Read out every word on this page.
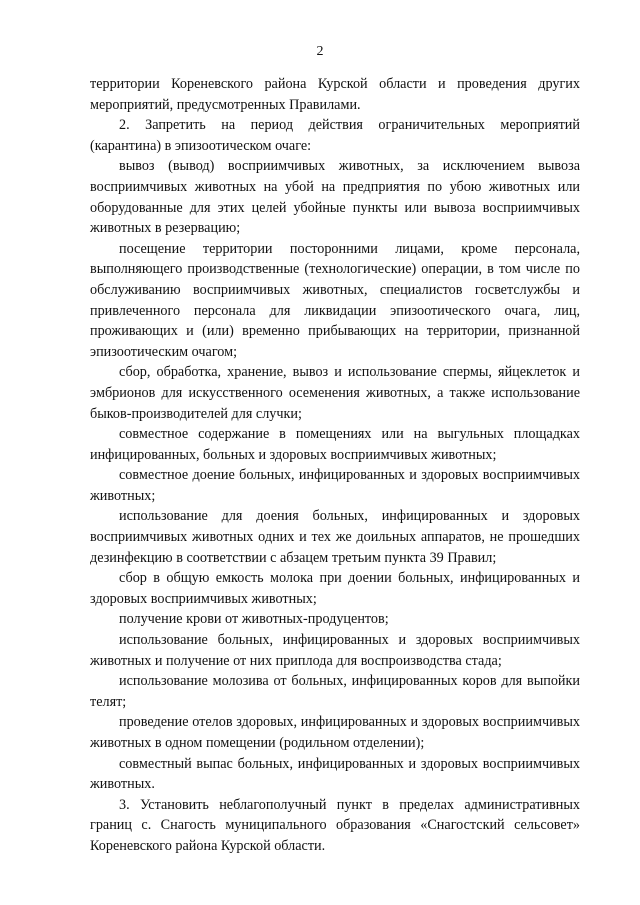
2

территории Кореневского района Курской области и проведения других мероприятий, предусмотренных Правилами.

2. Запретить на период действия ограничительных мероприятий (карантина) в эпизоотическом очаге:

вывоз (вывод) восприимчивых животных, за исключением вывоза восприимчивых животных на убой на предприятия по убою животных или оборудованные для этих целей убойные пункты или вывоза восприимчивых животных в резервацию;

посещение территории посторонними лицами, кроме персонала, выполняющего производственные (технологические) операции, в том числе по обслуживанию восприимчивых животных, специалистов госветслужбы и привлеченного персонала для ликвидации эпизоотического очага, лиц, проживающих и (или) временно прибывающих на территории, признанной эпизоотическим очагом;

сбор, обработка, хранение, вывоз и использование спермы, яйцеклеток и эмбрионов для искусственного осеменения животных, а также использование быков-производителей для случки;

совместное содержание в помещениях или на выгульных площадках инфицированных, больных и здоровых восприимчивых животных;

совместное доение больных, инфицированных и здоровых восприимчивых животных;

использование для доения больных, инфицированных и здоровых восприимчивых животных одних и тех же доильных аппаратов, не прошедших дезинфекцию в соответствии с абзацем третьим пункта 39 Правил;

сбор в общую емкость молока при доении больных, инфицированных и здоровых восприимчивых животных;

получение крови от животных-продуцентов;

использование больных, инфицированных и здоровых восприимчивых животных и получение от них приплода для воспроизводства стада;

использование молозива от больных, инфицированных коров для выпойки телят;

проведение отелов здоровых, инфицированных и здоровых восприимчивых животных в одном помещении (родильном отделении);

совместный выпас больных, инфицированных и здоровых восприимчивых животных.

3. Установить неблагополучный пункт в пределах административных границ с. Снагость муниципального образования «Снагостский сельсовет» Кореневского района Курской области.
